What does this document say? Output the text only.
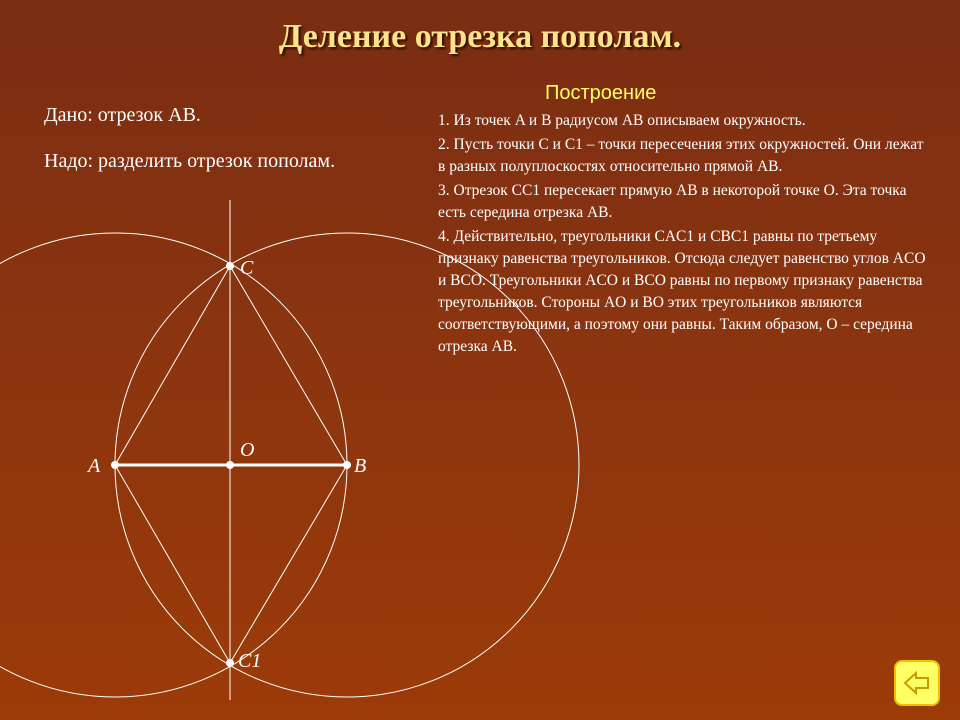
Деление отрезка пополам.
Дано: отрезок AB.
Надо: разделить отрезок пополам.
Построение

1. Из точек A и B радиусом AB описываем окружность.

2. Пусть точки C и C1 – точки пересечения этих окружностей. Они лежат в разных полуплоскостях относительно прямой AB.

3. Отрезок CC1 пересекает прямую AB в некоторой точке O. Эта точка есть середина отрезка AB.

4. Действительно, треугольники CAC1 и CBC1 равны по третьему признаку равенства треугольников. Отсюда следует равенство углов ACO и BCO. Треугольники ACO и BCO равны по первому признаку равенства треугольников. Стороны AO и BO этих треугольников являются соответствующими, а поэтому они равны. Таким образом, O – середина отрезка АВ.

A	B
O
C
C1
